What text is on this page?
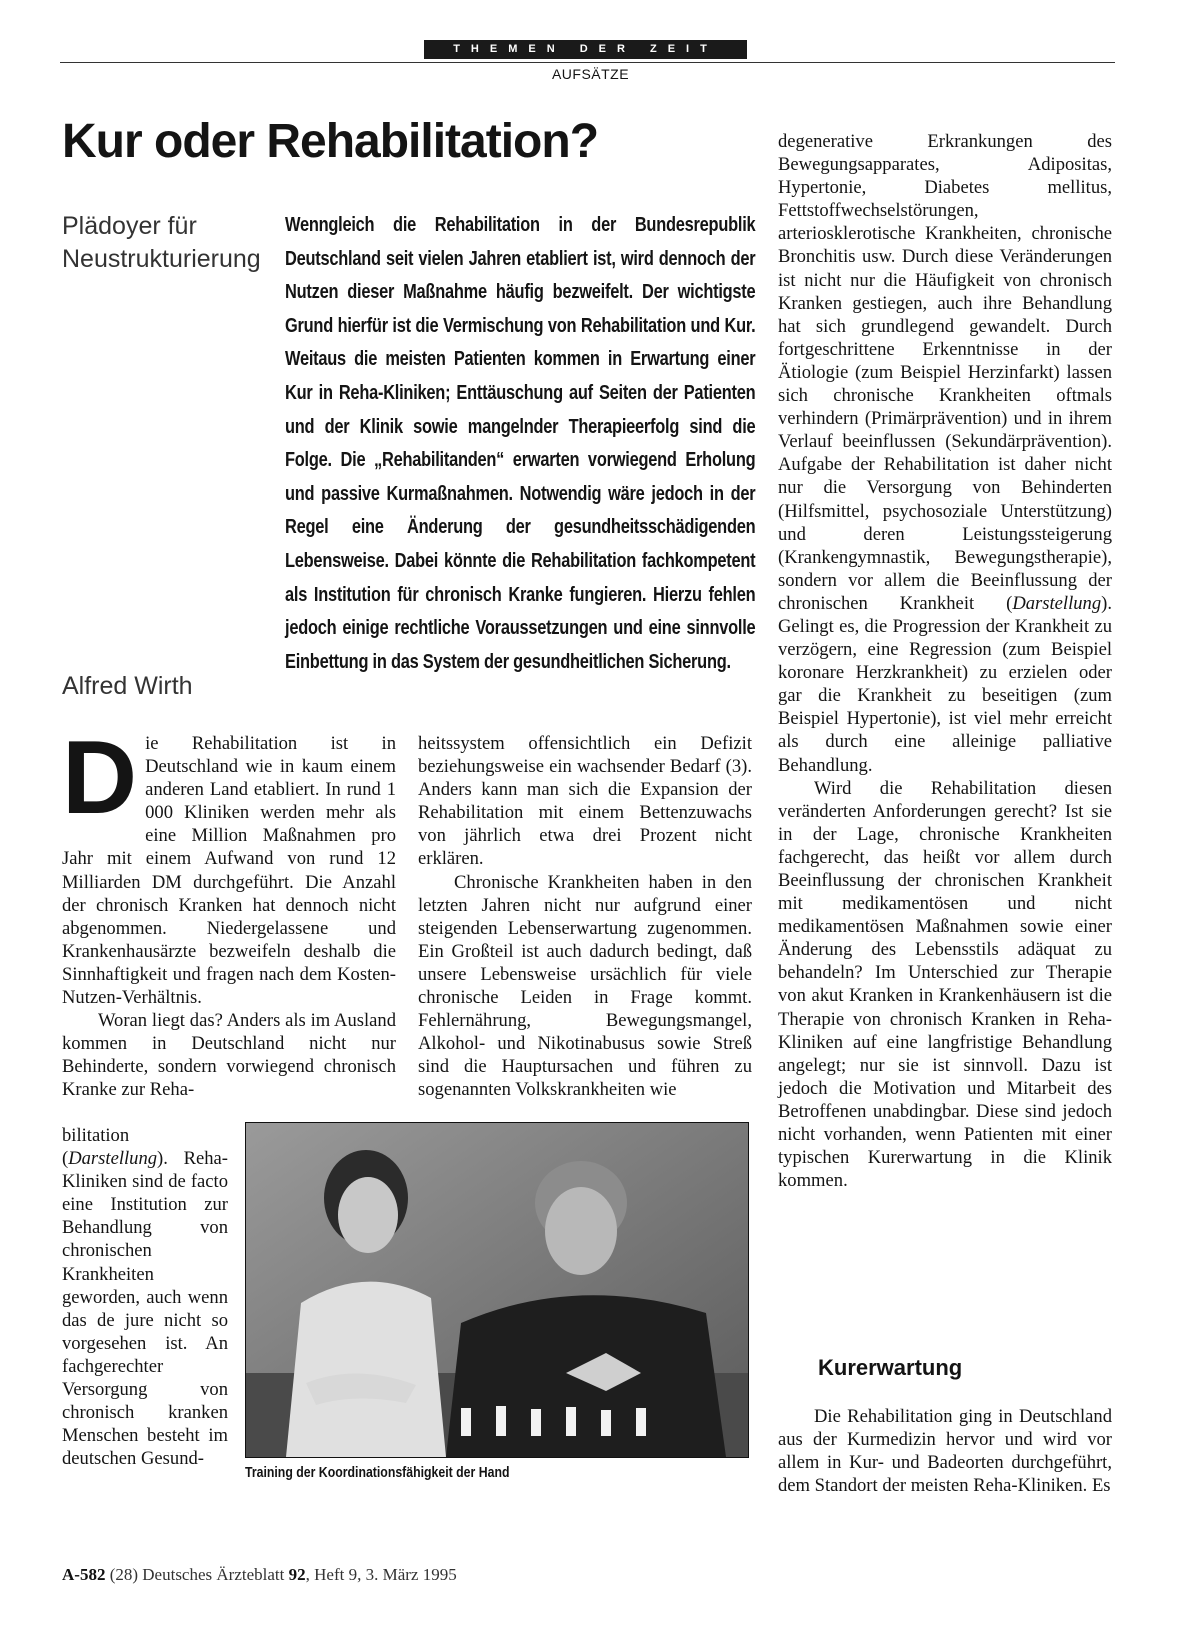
THEMEN DER ZEIT
AUFSÄTZE
Kur oder Rehabilitation?
Plädoyer für
Neustrukturierung

Wenngleich die Rehabilitation in der Bundesrepublik Deutschland seit vielen Jahren etabliert ist, wird dennoch der Nutzen dieser Maßnahme häufig bezweifelt. Der wichtigste Grund hierfür ist die Vermischung von Rehabilitation und Kur. Weitaus die meisten Patienten kommen in Erwartung einer Kur in Reha-Kliniken; Enttäuschung auf Seiten der Patienten und der Klinik sowie mangelnder Therapieerfolg sind die Folge. Die „Rehabilitanden“ erwarten vorwiegend Erholung und passive Kurmaßnahmen. Notwendig wäre jedoch in der Regel eine Änderung der gesundheitsschädigenden Lebensweise. Dabei könnte die Rehabilitation fachkompetent als Institution für chronisch Kranke fungieren. Hierzu fehlen jedoch einige rechtliche Voraussetzungen und eine sinnvolle Einbettung in das System der gesundheitlichen Sicherung.

Alfred Wirth

Die Rehabilitation ist in Deutschland wie in kaum einem anderen Land etabliert. In rund 1 000 Kliniken werden mehr als eine Million Maßnahmen pro Jahr mit einem Aufwand von rund 12 Milliarden DM durchgeführt. Die Anzahl der chronisch Kranken hat dennoch nicht abgenommen. Niedergelassene und Krankenhausärzte bezweifeln deshalb die Sinnhaftigkeit und fragen nach dem Kosten-Nutzen-Verhältnis.

Woran liegt das? Anders als im Ausland kommen in Deutschland nicht nur Behinderte, sondern vorwiegend chronisch Kranke zur Reha-

bilitation (Darstellung). Reha-Kliniken sind de facto eine Institution zur Behandlung von chronischen Krankheiten geworden, auch wenn das de jure nicht so vorgesehen ist. An fachgerechter Versorgung von chronisch kranken Menschen besteht im deutschen Gesund-

heitssystem offensichtlich ein Defizit beziehungsweise ein wachsender Bedarf (3). Anders kann man sich die Expansion der Rehabilitation mit einem Bettenzuwachs von jährlich etwa drei Prozent nicht erklären.

Chronische Krankheiten haben in den letzten Jahren nicht nur aufgrund einer steigenden Lebenserwartung zugenommen. Ein Großteil ist auch dadurch bedingt, daß unsere Lebensweise ursächlich für viele chronische Leiden in Frage kommt. Fehlernährung, Bewegungsmangel, Alkohol- und Nikotinabusus sowie Streß sind die Hauptursachen und führen zu sogenannten Volkskrankheiten wie

degenerative Erkrankungen des Bewegungsapparates, Adipositas, Hypertonie, Diabetes mellitus, Fettstoffwechselstörungen, arteriosklerotische Krankheiten, chronische Bronchitis usw. Durch diese Veränderungen ist nicht nur die Häufigkeit von chronisch Kranken gestiegen, auch ihre Behandlung hat sich grundlegend gewandelt. Durch fortgeschrittene Erkenntnisse in der Ätiologie (zum Beispiel Herzinfarkt) lassen sich chronische Krankheiten oftmals verhindern (Primärprävention) und in ihrem Verlauf beeinflussen (Sekundärprävention). Aufgabe der Rehabilitation ist daher nicht nur die Versorgung von Behinderten (Hilfsmittel, psychosoziale Unterstützung) und deren Leistungssteigerung (Krankengymnastik, Bewegungstherapie), sondern vor allem die Beeinflussung der chronischen Krankheit (Darstellung). Gelingt es, die Progression der Krankheit zu verzögern, eine Regression (zum Beispiel koronare Herzkrankheit) zu erzielen oder gar die Krankheit zu beseitigen (zum Beispiel Hypertonie), ist viel mehr erreicht als durch eine alleinige palliative Behandlung.

Wird die Rehabilitation diesen veränderten Anforderungen gerecht? Ist sie in der Lage, chronische Krankheiten fachgerecht, das heißt vor allem durch Beeinflussung der chronischen Krankheit mit medikamentösen und nicht medikamentösen Maßnahmen sowie einer Änderung des Lebensstils adäquat zu behandeln? Im Unterschied zur Therapie von akut Kranken in Krankenhäusern ist die Therapie von chronisch Kranken in Reha-Kliniken auf eine langfristige Behandlung angelegt; nur sie ist sinnvoll. Dazu ist jedoch die Motivation und Mitarbeit des Betroffenen unabdingbar. Diese sind jedoch nicht vorhanden, wenn Patienten mit einer typischen Kurerwartung in die Klinik kommen.

Kurerwartung

Die Rehabilitation ging in Deutschland aus der Kurmedizin hervor und wird vor allem in Kur- und Badeorten durchgeführt, dem Standort der meisten Reha-Kliniken. Es

Training der Koordinationsfähigkeit der Hand
A-582 (28) Deutsches Ärzteblatt 92, Heft 9, 3. März 1995
